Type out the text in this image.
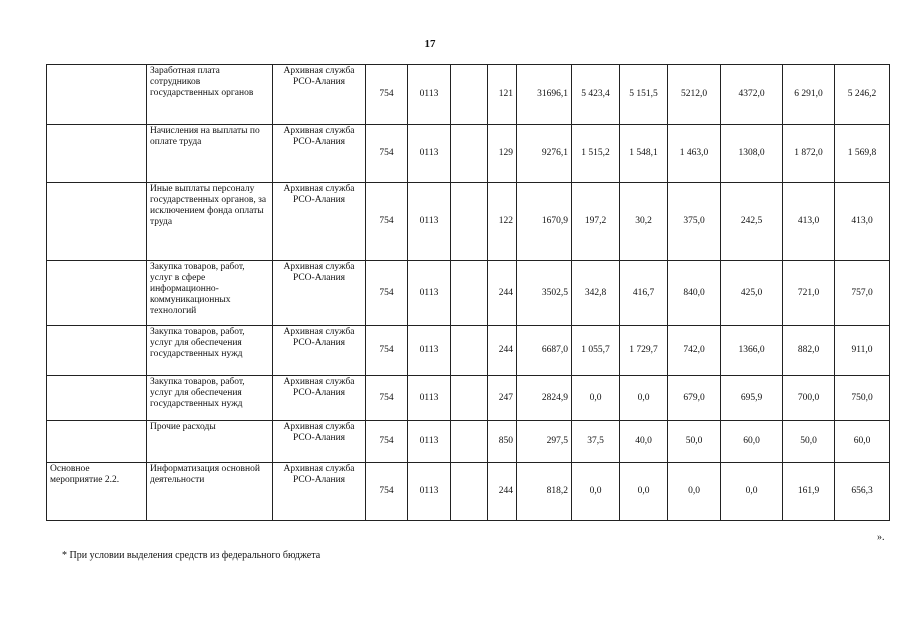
17
	Заработная плата сотрудников государственных органов	Архивная служба РСО-Алания	754	0113		121	31696,1	5 423,4	5 151,5	5212,0	4372,0	6 291,0	5 246,2
	Начисления на выплаты по оплате труда	Архивная служба РСО-Алания	754	0113		129	9276,1	1 515,2	1 548,1	1 463,0	1308,0	1 872,0	1 569,8
	Иные выплаты персоналу государственных органов, за исключением фонда оплаты труда	Архивная служба РСО-Алания	754	0113		122	1670,9	197,2	30,2	375,0	242,5	413,0	413,0
	Закупка товаров, работ, услуг в сфере информационно-коммуникационных технологий	Архивная служба РСО-Алания	754	0113		244	3502,5	342,8	416,7	840,0	425,0	721,0	757,0
	Закупка товаров, работ, услуг для обеспечения государственных нужд	Архивная служба РСО-Алания	754	0113		244	6687,0	1 055,7	1 729,7	742,0	1366,0	882,0	911,0
	Закупка товаров, работ, услуг для обеспечения государственных нужд	Архивная служба РСО-Алания	754	0113		247	2824,9	0,0	0,0	679,0	695,9	700,0	750,0
	Прочие расходы	Архивная служба РСО-Алания	754	0113		850	297,5	37,5	40,0	50,0	60,0	50,0	60,0
Основное мероприятие 2.2.	Информатизация основной деятельности	Архивная служба РСО-Алания	754	0113		244	818,2	0,0	0,0	0,0	0,0	161,9	656,3
».
* При условии выделения средств из федерального бюджета
